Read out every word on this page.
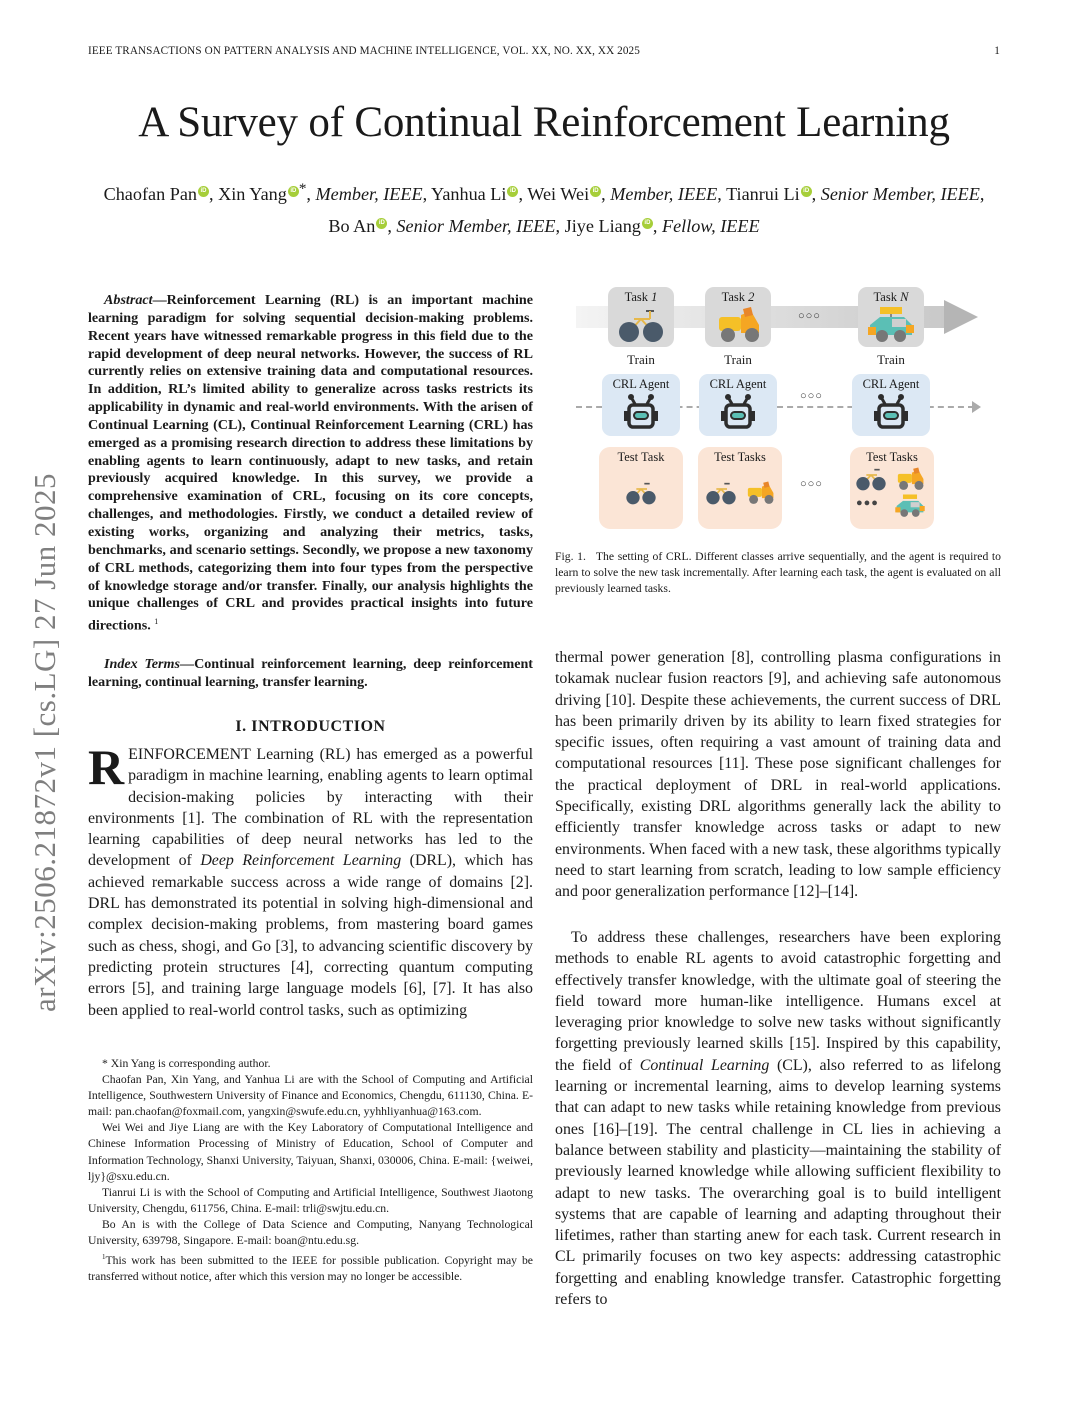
IEEE TRANSACTIONS ON PATTERN ANALYSIS AND MACHINE INTELLIGENCE, VOL. XX, NO. XX, XX 2025	1
arXiv:2506.21872v1 [cs.LG] 27 Jun 2025
A Survey of Continual Reinforcement Learning
Chaofan Pan iD , Xin Yang iD *, Member, IEEE, Yanhua Li iD , Wei Wei iD , Member, IEEE, Tianrui Li iD , Senior Member, IEEE, Bo An iD , Senior Member, IEEE, Jiye Liang iD , Fellow, IEEE
Abstract—Reinforcement Learning (RL) is an important machine learning paradigm for solving sequential decision-making problems. Recent years have witnessed remarkable progress in this field due to the rapid development of deep neural networks. However, the success of RL currently relies on extensive training data and computational resources. In addition, RL’s limited ability to generalize across tasks restricts its applicability in dynamic and real-world environments. With the arisen of Continual Learning (CL), Continual Reinforcement Learning (CRL) has emerged as a promising research direction to address these limitations by enabling agents to learn continuously, adapt to new tasks, and retain previously acquired knowledge. In this survey, we provide a comprehensive examination of CRL, focusing on its core concepts, challenges, and methodologies. Firstly, we conduct a detailed review of existing works, organizing and analyzing their metrics, tasks, benchmarks, and scenario settings. Secondly, we propose a new taxonomy of CRL methods, categorizing them into four types from the perspective of knowledge storage and/or transfer. Finally, our analysis highlights the unique challenges of CRL and provides practical insights into future directions. $^1$
Index Terms—Continual reinforcement learning, deep reinforcement learning, continual learning, transfer learning.
I. INTRODUCTION
REINFORCEMENT Learning (RL) has emerged as a powerful paradigm in machine learning, enabling agents to learn optimal decision-making policies by interacting with their environments [1]. The combination of RL with the representation learning capabilities of deep neural networks has led to the development of Deep Reinforcement Learning (DRL), which has achieved remarkable success across a wide range of domains [2]. DRL has demonstrated its potential in solving high-dimensional and complex decision-making problems, from mastering board games such as chess, shogi, and Go [3], to advancing scientific discovery by predicting protein structures [4], correcting quantum computing errors [5], and training large language models [6], [7]. It has also been applied to real-world control tasks, such as optimizing

* Xin Yang is corresponding author.

Chaofan Pan, Xin Yang, and Yanhua Li are with the School of Computing and Artificial Intelligence, Southwestern University of Finance and Economics, Chengdu, 611130, China. E-mail: pan.chaofan@foxmail.com, yangxin@swufe.edu.cn, yyhhliyanhua@163.com.

Wei Wei and Jiye Liang are with the Key Laboratory of Computational Intelligence and Chinese Information Processing of Ministry of Education, School of Computer and Information Technology, Shanxi University, Taiyuan, Shanxi, 030006, China. E-mail: {weiwei, ljy}@sxu.edu.cn.

Tianrui Li is with the School of Computing and Artificial Intelligence, Southwest Jiaotong University, Chengdu, 611756, China. E-mail: trli@swjtu.edu.cn.

Bo An is with the College of Data Science and Computing, Nanyang Technological University, 639798, Singapore. E-mail: boan@ntu.edu.sg.

$^1$This work has been submitted to the IEEE for possible publication. Copyright may be transferred without notice, after which this version may no longer be accessible.

Task 1
Train
Task 2
Train
○○○
Task N
Train
CRL Agent	CRL Agent
○○○
CRL Agent
Test Task	Test Tasks
○○○
Test Tasks
●●●
Fig. 1. The setting of CRL. Different classes arrive sequentially, and the agent is required to learn to solve the new task incrementally. After learning each task, the agent is evaluated on all previously learned tasks.
thermal power generation [8], controlling plasma configurations in tokamak nuclear fusion reactors [9], and achieving safe autonomous driving [10]. Despite these achievements, the current success of DRL has been primarily driven by its ability to learn fixed strategies for specific issues, often requiring a vast amount of training data and computational resources [11]. These pose significant challenges for the practical deployment of DRL in real-world applications. Specifically, existing DRL algorithms generally lack the ability to efficiently transfer knowledge across tasks or adapt to new environments. When faced with a new task, these algorithms typically need to start learning from scratch, leading to low sample efficiency and poor generalization performance [12]–[14].
To address these challenges, researchers have been exploring methods to enable RL agents to avoid catastrophic forgetting and effectively transfer knowledge, with the ultimate goal of steering the field toward more human-like intelligence. Humans excel at leveraging prior knowledge to solve new tasks without significantly forgetting previously learned skills [15]. Inspired by this capability, the field of Continual Learning (CL), also referred to as lifelong learning or incremental learning, aims to develop learning systems that can adapt to new tasks while retaining knowledge from previous ones [16]–[19]. The central challenge in CL lies in achieving a balance between stability and plasticity—maintaining the stability of previously learned knowledge while allowing sufficient flexibility to adapt to new tasks. The overarching goal is to build intelligent systems that are capable of learning and adapting throughout their lifetimes, rather than starting anew for each task. Current research in CL primarily focuses on two key aspects: addressing catastrophic forgetting and enabling knowledge transfer. Catastrophic forgetting refers to
